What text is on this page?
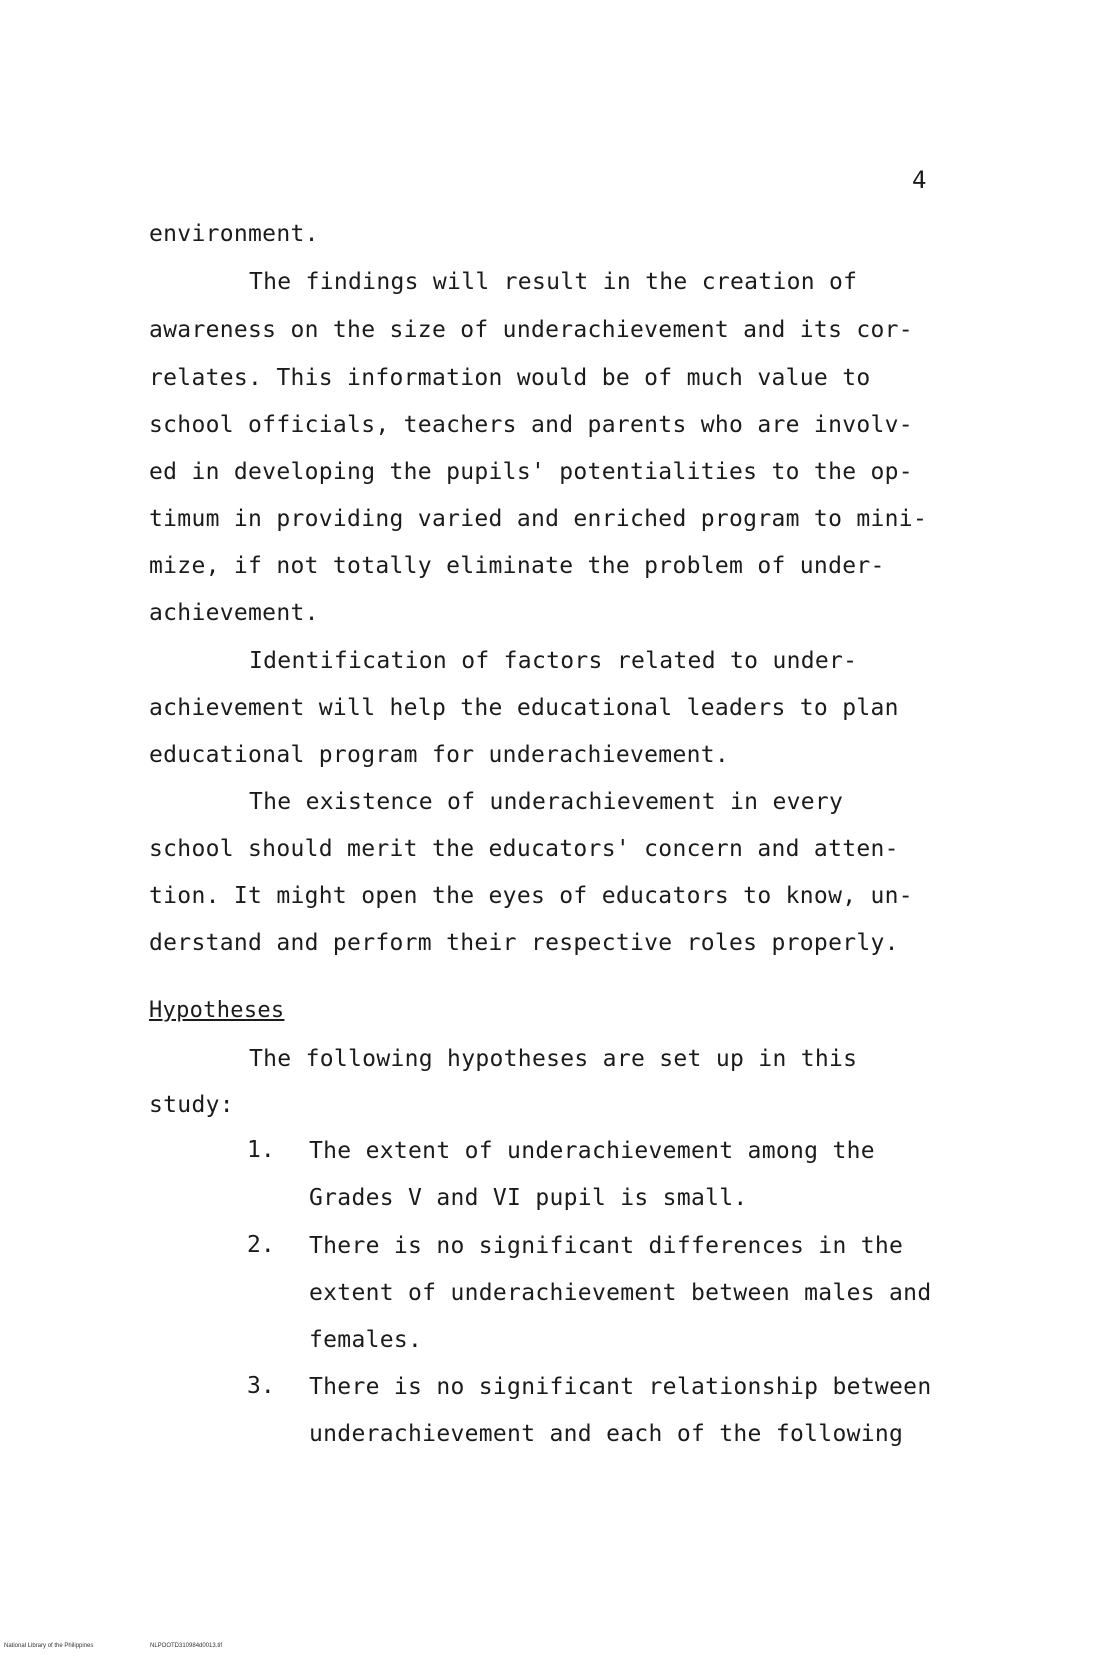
4
environment.
The findings will result in the creation of
awareness on the size of underachievement and its cor-
relates. This information would be of much value to
school officials, teachers and parents who are involv-
ed in developing the pupils' potentialities to the op-
timum in providing varied and enriched program to mini-
mize, if not totally eliminate the problem of under-
achievement.
Identification of factors related to under-
achievement will help the educational leaders to plan
educational program for underachievement.
The existence of underachievement in every
school should merit the educators' concern and atten-
tion. It might open the eyes of educators to know, un-
derstand and perform their respective roles properly.
Hypotheses
The following hypotheses are set up in this
study:
1. The extent of underachievement among the
Grades V and VI pupil is small.
2. There is no significant differences in the
extent of underachievement between males and
females.
3. There is no significant relationship between
underachievement and each of the following
National Library of the Philippines	NLPOOTD310984d0013.tif
